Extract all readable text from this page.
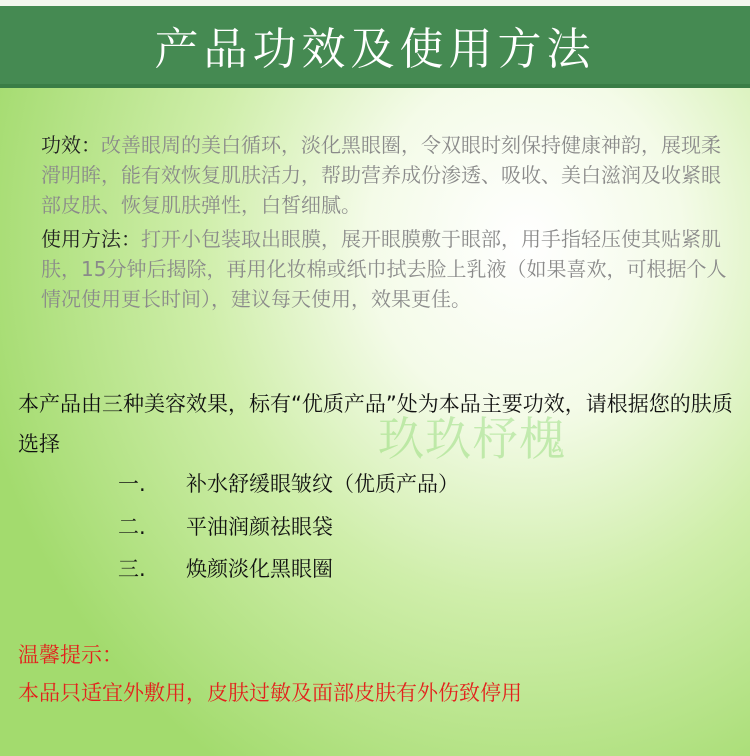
产品功效及使用方法

功效：改善眼周的美白循环，淡化黑眼圈，令双眼时刻保持健康神韵，展现柔滑明眸，能有效恢复肌肤活力，帮助营养成份渗透、吸收、美白滋润及收紧眼部皮肤、恢复肌肤弹性，白皙细腻。

使用方法：打开小包装取出眼膜，展开眼膜敷于眼部，用手指轻压使其贴紧肌肤，15分钟后揭除，再用化妆棉或纸巾拭去脸上乳液（如果喜欢，可根据个人情况使用更长时间），建议每天使用，效果更佳。

本产品由三种美容效果，标有“优质产品”处为本品主要功效，请根据您的肤质选择	玖玖杼槐
一.	补水舒缓眼皱纹（优质产品）
二.	平油润颜祛眼袋
三.	焕颜淡化黑眼圈
温馨提示：
本品只适宜外敷用，皮肤过敏及面部皮肤有外伤致停用
